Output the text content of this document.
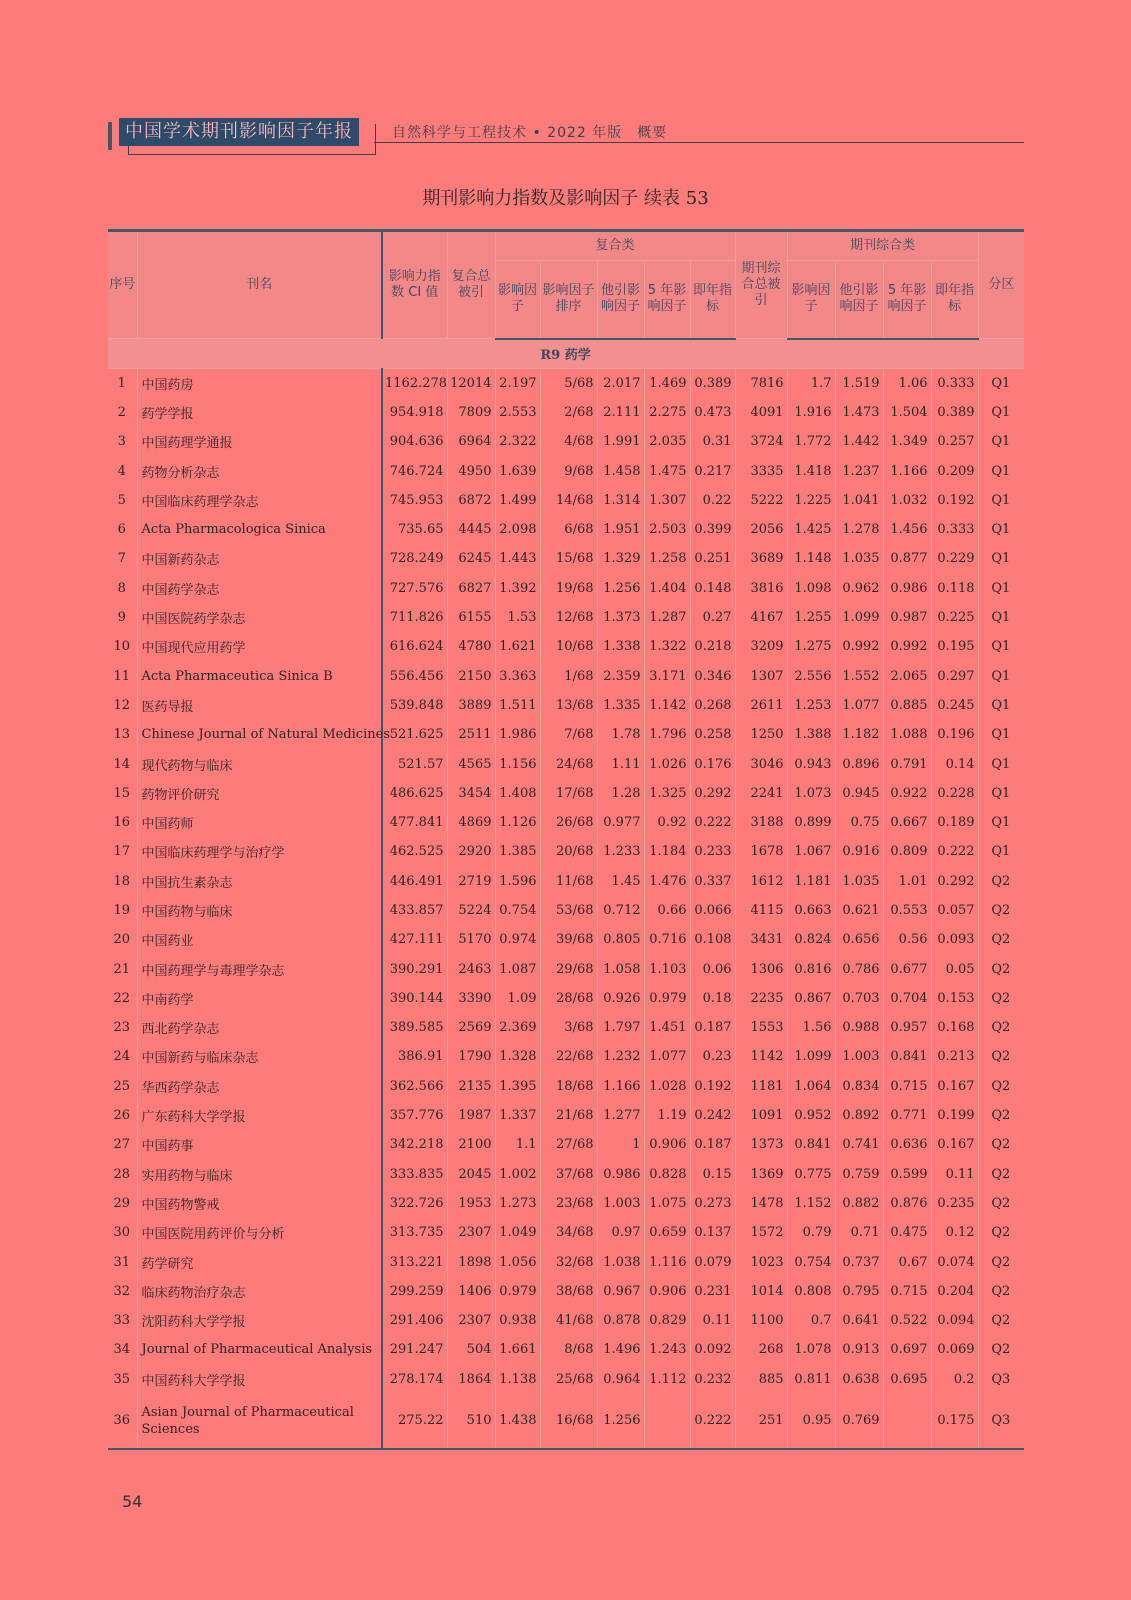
中国学术期刊影响因子年报	自然科学与工程技术 • 2022 年版　概要
期刊影响力指数及影响因子 续表 53
序号	刊名	影响力指数 CI 值	复合总被引	复合类					期刊综合总被引	期刊综合类				分区
				影响因子	影响因子排序	他引影响因子	5 年影响因子	即年指标		影响因子	他引影响因子	5 年影响因子	即年指标	
R9 药学														
1	中国药房	1162.278	12014	2.197	5/68	2.017	1.469	0.389	7816	1.7	1.519	1.06	0.333	Q1
2	药学学报	954.918	7809	2.553	2/68	2.111	2.275	0.473	4091	1.916	1.473	1.504	0.389	Q1
3	中国药理学通报	904.636	6964	2.322	4/68	1.991	2.035	0.31	3724	1.772	1.442	1.349	0.257	Q1
4	药物分析杂志	746.724	4950	1.639	9/68	1.458	1.475	0.217	3335	1.418	1.237	1.166	0.209	Q1
5	中国临床药理学杂志	745.953	6872	1.499	14/68	1.314	1.307	0.22	5222	1.225	1.041	1.032	0.192	Q1
6	Acta Pharmacologica Sinica	735.65	4445	2.098	6/68	1.951	2.503	0.399	2056	1.425	1.278	1.456	0.333	Q1
7	中国新药杂志	728.249	6245	1.443	15/68	1.329	1.258	0.251	3689	1.148	1.035	0.877	0.229	Q1
8	中国药学杂志	727.576	6827	1.392	19/68	1.256	1.404	0.148	3816	1.098	0.962	0.986	0.118	Q1
9	中国医院药学杂志	711.826	6155	1.53	12/68	1.373	1.287	0.27	4167	1.255	1.099	0.987	0.225	Q1
10	中国现代应用药学	616.624	4780	1.621	10/68	1.338	1.322	0.218	3209	1.275	0.992	0.992	0.195	Q1
11	Acta Pharmaceutica Sinica B	556.456	2150	3.363	1/68	2.359	3.171	0.346	1307	2.556	1.552	2.065	0.297	Q1
12	医药导报	539.848	3889	1.511	13/68	1.335	1.142	0.268	2611	1.253	1.077	0.885	0.245	Q1
13	Chinese Journal of Natural Medicines	521.625	2511	1.986	7/68	1.78	1.796	0.258	1250	1.388	1.182	1.088	0.196	Q1
14	现代药物与临床	521.57	4565	1.156	24/68	1.11	1.026	0.176	3046	0.943	0.896	0.791	0.14	Q1
15	药物评价研究	486.625	3454	1.408	17/68	1.28	1.325	0.292	2241	1.073	0.945	0.922	0.228	Q1
16	中国药师	477.841	4869	1.126	26/68	0.977	0.92	0.222	3188	0.899	0.75	0.667	0.189	Q1
17	中国临床药理学与治疗学	462.525	2920	1.385	20/68	1.233	1.184	0.233	1678	1.067	0.916	0.809	0.222	Q1
18	中国抗生素杂志	446.491	2719	1.596	11/68	1.45	1.476	0.337	1612	1.181	1.035	1.01	0.292	Q2
19	中国药物与临床	433.857	5224	0.754	53/68	0.712	0.66	0.066	4115	0.663	0.621	0.553	0.057	Q2
20	中国药业	427.111	5170	0.974	39/68	0.805	0.716	0.108	3431	0.824	0.656	0.56	0.093	Q2
21	中国药理学与毒理学杂志	390.291	2463	1.087	29/68	1.058	1.103	0.06	1306	0.816	0.786	0.677	0.05	Q2
22	中南药学	390.144	3390	1.09	28/68	0.926	0.979	0.18	2235	0.867	0.703	0.704	0.153	Q2
23	西北药学杂志	389.585	2569	2.369	3/68	1.797	1.451	0.187	1553	1.56	0.988	0.957	0.168	Q2
24	中国新药与临床杂志	386.91	1790	1.328	22/68	1.232	1.077	0.23	1142	1.099	1.003	0.841	0.213	Q2
25	华西药学杂志	362.566	2135	1.395	18/68	1.166	1.028	0.192	1181	1.064	0.834	0.715	0.167	Q2
26	广东药科大学学报	357.776	1987	1.337	21/68	1.277	1.19	0.242	1091	0.952	0.892	0.771	0.199	Q2
27	中国药事	342.218	2100	1.1	27/68	1	0.906	0.187	1373	0.841	0.741	0.636	0.167	Q2
28	实用药物与临床	333.835	2045	1.002	37/68	0.986	0.828	0.15	1369	0.775	0.759	0.599	0.11	Q2
29	中国药物警戒	322.726	1953	1.273	23/68	1.003	1.075	0.273	1478	1.152	0.882	0.876	0.235	Q2
30	中国医院用药评价与分析	313.735	2307	1.049	34/68	0.97	0.659	0.137	1572	0.79	0.71	0.475	0.12	Q2
31	药学研究	313.221	1898	1.056	32/68	1.038	1.116	0.079	1023	0.754	0.737	0.67	0.074	Q2
32	临床药物治疗杂志	299.259	1406	0.979	38/68	0.967	0.906	0.231	1014	0.808	0.795	0.715	0.204	Q2
33	沈阳药科大学学报	291.406	2307	0.938	41/68	0.878	0.829	0.11	1100	0.7	0.641	0.522	0.094	Q2
34	Journal of Pharmaceutical Analysis	291.247	504	1.661	8/68	1.496	1.243	0.092	268	1.078	0.913	0.697	0.069	Q2
35	中国药科大学学报	278.174	1864	1.138	25/68	0.964	1.112	0.232	885	0.811	0.638	0.695	0.2	Q3
36	Asian Journal of Pharmaceutical Sciences	275.22	510	1.438	16/68	1.256		0.222	251	0.95	0.769		0.175	Q3
54
